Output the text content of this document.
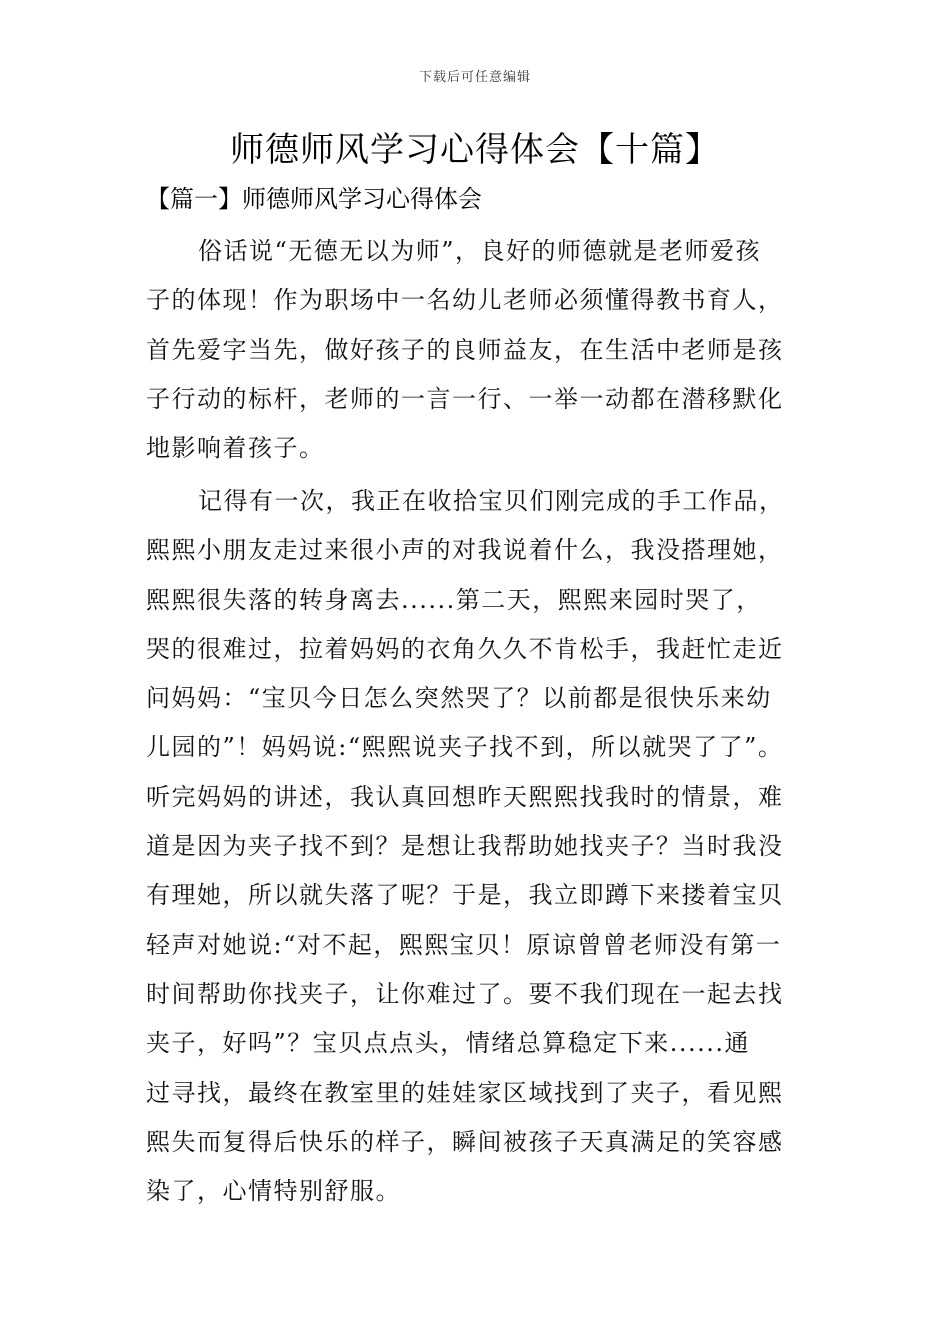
下载后可任意编辑
师德师风学习心得体会【十篇】
【篇一】师德师风学习心得体会
俗话说“无德无以为师”，良好的师德就是老师爱孩
子的体现！作为职场中一名幼儿老师必须懂得教书育人，
首先爱字当先，做好孩子的良师益友，在生活中老师是孩
子行动的标杆，老师的一言一行、一举一动都在潜移默化
地影响着孩子。
记得有一次，我正在收拾宝贝们刚完成的手工作品，
熙熙小朋友走过来很小声的对我说着什么，我没搭理她，
熙熙很失落的转身离去......第二天，熙熙来园时哭了，
哭的很难过，拉着妈妈的衣角久久不肯松手，我赶忙走近
问妈妈：“宝贝今日怎么突然哭了？以前都是很快乐来幼
儿园的”！妈妈说:“熙熙说夹子找不到，所以就哭了了”。
听完妈妈的讲述，我认真回想昨天熙熙找我时的情景，难
道是因为夹子找不到？是想让我帮助她找夹子？当时我没
有理她，所以就失落了呢？于是，我立即蹲下来搂着宝贝
轻声对她说:“对不起，熙熙宝贝！原谅曾曾老师没有第一
时间帮助你找夹子，让你难过了。要不我们现在一起去找
夹子，好吗”？宝贝点点头，情绪总算稳定下来......通
过寻找，最终在教室里的娃娃家区域找到了夹子，看见熙
熙失而复得后快乐的样子，瞬间被孩子天真满足的笑容感
染了，心情特别舒服。
